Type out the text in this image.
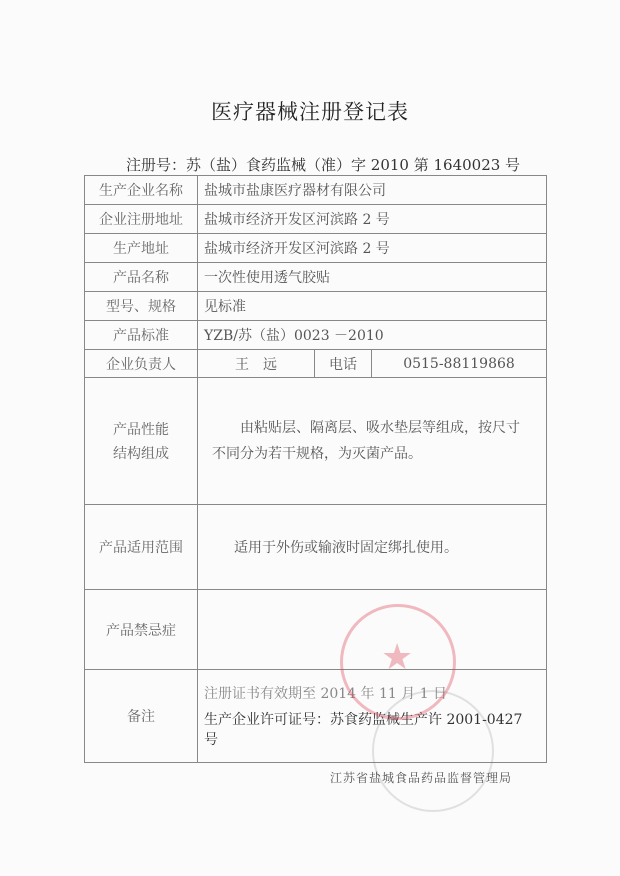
医疗器械注册登记表
注册号：苏（盐）食药监械（准）字 2010 第 1640023 号
生产企业名称	盐城市盐康医疗器材有限公司		
企业注册地址	盐城市经济开发区河滨路 2 号		
生产地址	盐城市经济开发区河滨路 2 号		
产品名称	一次性使用透气胶贴		
型号、规格	见标准		
产品标准	YZB/苏（盐）0023 －2010		
企业负责人	王　远	电话	0515-88119868

产品性能
结构组成	由粘贴层、隔离层、吸水垫层等组成，按尺寸不同分为若干规格，为灭菌产品。		
产品适用范围	适用于外伤或输液时固定绑扎使用。		
产品禁忌症			
备注	注册证书有效期至 2014 年 11 月 1 日
生产企业许可证号：苏食药监械生产许 2001-0427 号		
★
江苏省盐城食品药品监督管理局
